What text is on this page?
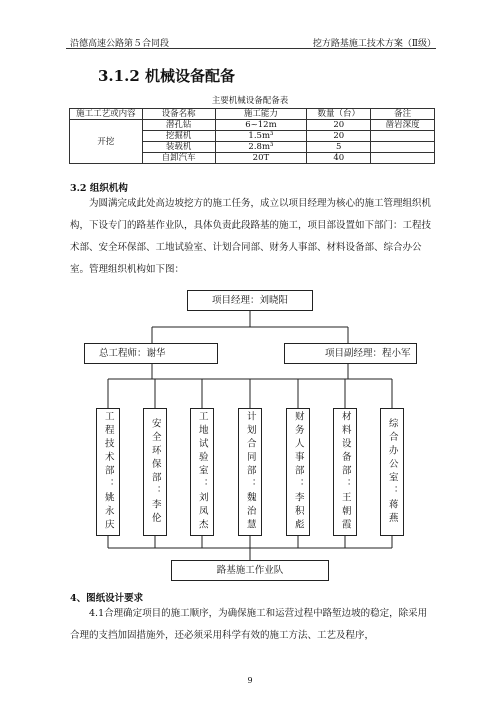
沿德高速公路第５合同段	挖方路基施工技术方案（Ⅱ级）
3.1.2 机械设备配备
主要机械设备配备表
施工工艺或内容	设备名称	施工能力	数量（台）	备注
开挖	潜孔钻	6~12m	20	凿岩深度
	挖掘机	1.5m³	20	
	装载机	2.8m³	5	
	自卸汽车	20T	40	
3.2 组织机构
为圆满完成此处高边坡挖方的施工任务，成立以项目经理为核心的施工管理组织机构，下设专门的路基作业队，具体负责此段路基的施工，项目部设置如下部门：工程技术部、安全环保部、工地试验室、计划合同部、财务人事部、材料设备部、综合办公室。管理组织机构如下图：
项目经理：刘晓阳
总工程师：谢华	项目副经理：程小军
工程技术部：姚永庆	安全环保部：李伦	工地试验室：刘凤杰	计划合同部：魏治慧	财务人事部：李积彪	材料设备部：王朝霞	综合办公室：蒋燕
路基施工作业队
4、图纸设计要求
4.1合理确定项目的施工顺序，为确保施工和运营过程中路堑边坡的稳定，除采用合理的支挡加固措施外，还必须采用科学有效的施工方法、工艺及程序，
9
